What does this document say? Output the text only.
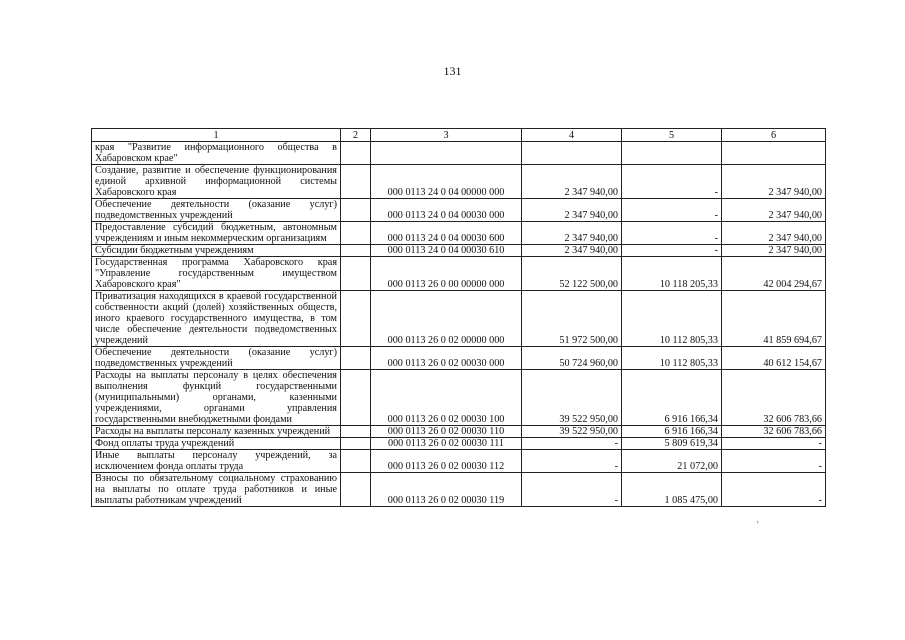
131
1	2	3	4	5	6
края "Развитие информационного общества в Хабаровском крае"					
Создание, развитие и обеспечение функционирования единой архивной информационной системы Хабаровского края		000 0113 24 0 04 00000 000	2 347 940,00	-	2 347 940,00
Обеспечение деятельности (оказание услуг) подведомственных учреждений		000 0113 24 0 04 00030 000	2 347 940,00	-	2 347 940,00
Предоставление субсидий бюджетным, автономным учреждениям и иным некоммерческим организациям		000 0113 24 0 04 00030 600	2 347 940,00	-	2 347 940,00
Субсидии бюджетным учреждениям		000 0113 24 0 04 00030 610	2 347 940,00	-	2 347 940,00
Государственная программа Хабаровского края "Управление государственным имуществом Хабаровского края"		000 0113 26 0 00 00000 000	52 122 500,00	10 118 205,33	42 004 294,67
Приватизация находящихся в краевой государственной собственности акций (долей) хозяйственных обществ, иного краевого государственного имущества, в том числе обеспечение деятельности подведомственных учреждений		000 0113 26 0 02 00000 000	51 972 500,00	10 112 805,33	41 859 694,67
Обеспечение деятельности (оказание услуг) подведомственных учреждений		000 0113 26 0 02 00030 000	50 724 960,00	10 112 805,33	40 612 154,67
Расходы на выплаты персоналу в целях обеспечения выполнения функций государственными (муниципальными) органами, казенными учреждениями, органами управления государственными внебюджетными фондами		000 0113 26 0 02 00030 100	39 522 950,00	6 916 166,34	32 606 783,66
Расходы на выплаты персоналу казенных учреждений		000 0113 26 0 02 00030 110	39 522 950,00	6 916 166,34	32 606 783,66
Фонд оплаты труда учреждений		000 0113 26 0 02 00030 111	-	5 809 619,34	-
Иные выплаты персоналу учреждений, за исключением фонда оплаты труда		000 0113 26 0 02 00030 112	-	21 072,00	-
Взносы по обязательному социальному страхованию на выплаты по оплате труда работников и иные выплаты работникам учреждений		000 0113 26 0 02 00030 119	-	1 085 475,00	-
ʼ
